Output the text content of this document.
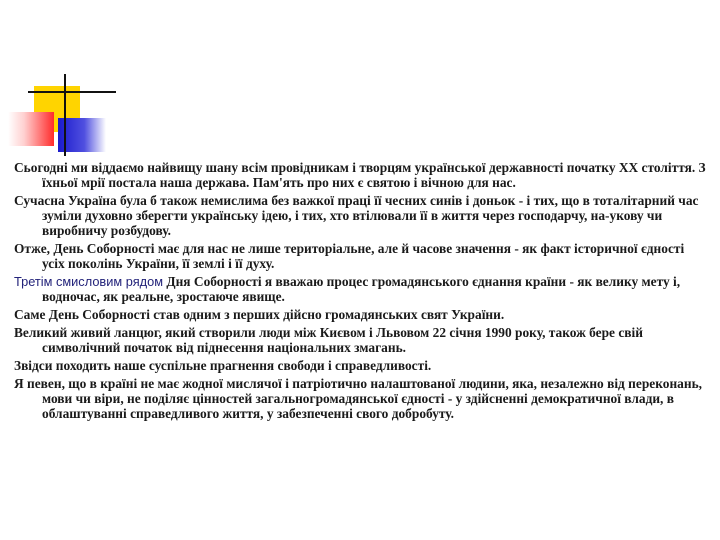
Сьогодні ми віддаємо найвищу шану всім провідникам і творцям української державності початку ХХ століття. З їхньої мрії постала наша держава. Пам'ять про них є святою і вічною для нас.

Сучасна Україна була б також немислима без важкої праці її чесних синів і доньок - і тих, що в тоталітарний час зуміли духовно зберегти українську ідею, і тих, хто втілювали її в життя через господарчу, на-укову чи виробничу розбудову.

Отже, День Соборності має для нас не лише територіальне, але й часове значення - як факт історичної єдності усіх поколінь України, її землі і її духу.

Третім смисловим рядом Дня Соборності я вважаю процес громадянського єднання країни - як велику мету і, водночас, як реальне, зростаюче явище.

Саме День Соборності став одним з перших дійсно громадянських свят України.

Великий живий ланцюг, який створили люди між Києвом і Львовом 22 січня 1990 року, також бере свій символічний початок від піднесення національних змагань.

Звідси походить наше суспільне прагнення свободи і справедливості.

Я певен, що в країні не має жодної мислячої і патріотично налаштованої людини, яка, незалежно від переконань, мови чи віри, не поділяє цінностей загальногромадянської єдності - у здійсненні демократичної влади, в облаштуванні справедливого життя, у забезпеченні свого добробуту.
